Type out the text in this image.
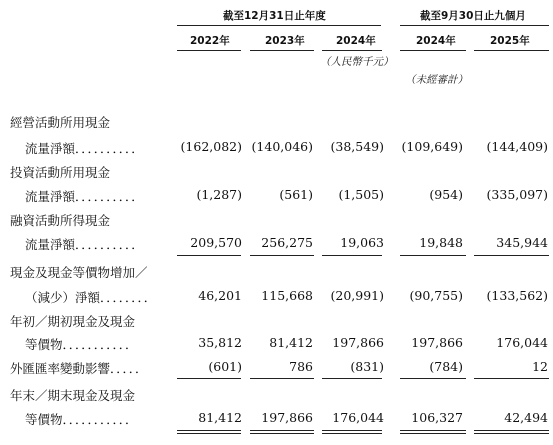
截至12月31日止年度	截至9月30日止九個月
2022年	2023年	2024年	2024年	2025年
（人民幣千元）
（未經審計）
經營活動所用現金
流量淨額．．．．．．．．．．	(162,082) (140,046)	(38,549)	(109,649)	(144,409)
投資活動所用現金
流量淨額．．．．．．．．．．	(1,287)	(561)	(1,505)	(954)	(335,097)
融資活動所得現金
流量淨額．．．．．．．．．．	209,570	256,275	19,063	19,848	345,944
現金及現金等價物增加／
（減少）淨額．．．．．．．．	46,201	115,668	(20,991)	(90,755)	(133,562)
年初／期初現金及現金
等價物．．．．．．．．．．．	35,812	81,412	197,866	197,866	176,044
外匯匯率變動影響．．．．．	(601)	786	(831)	(784)	12
年末／期末現金及現金
等價物．．．．．．．．．．．	81,412	197,866	176,044	106,327	42,494
